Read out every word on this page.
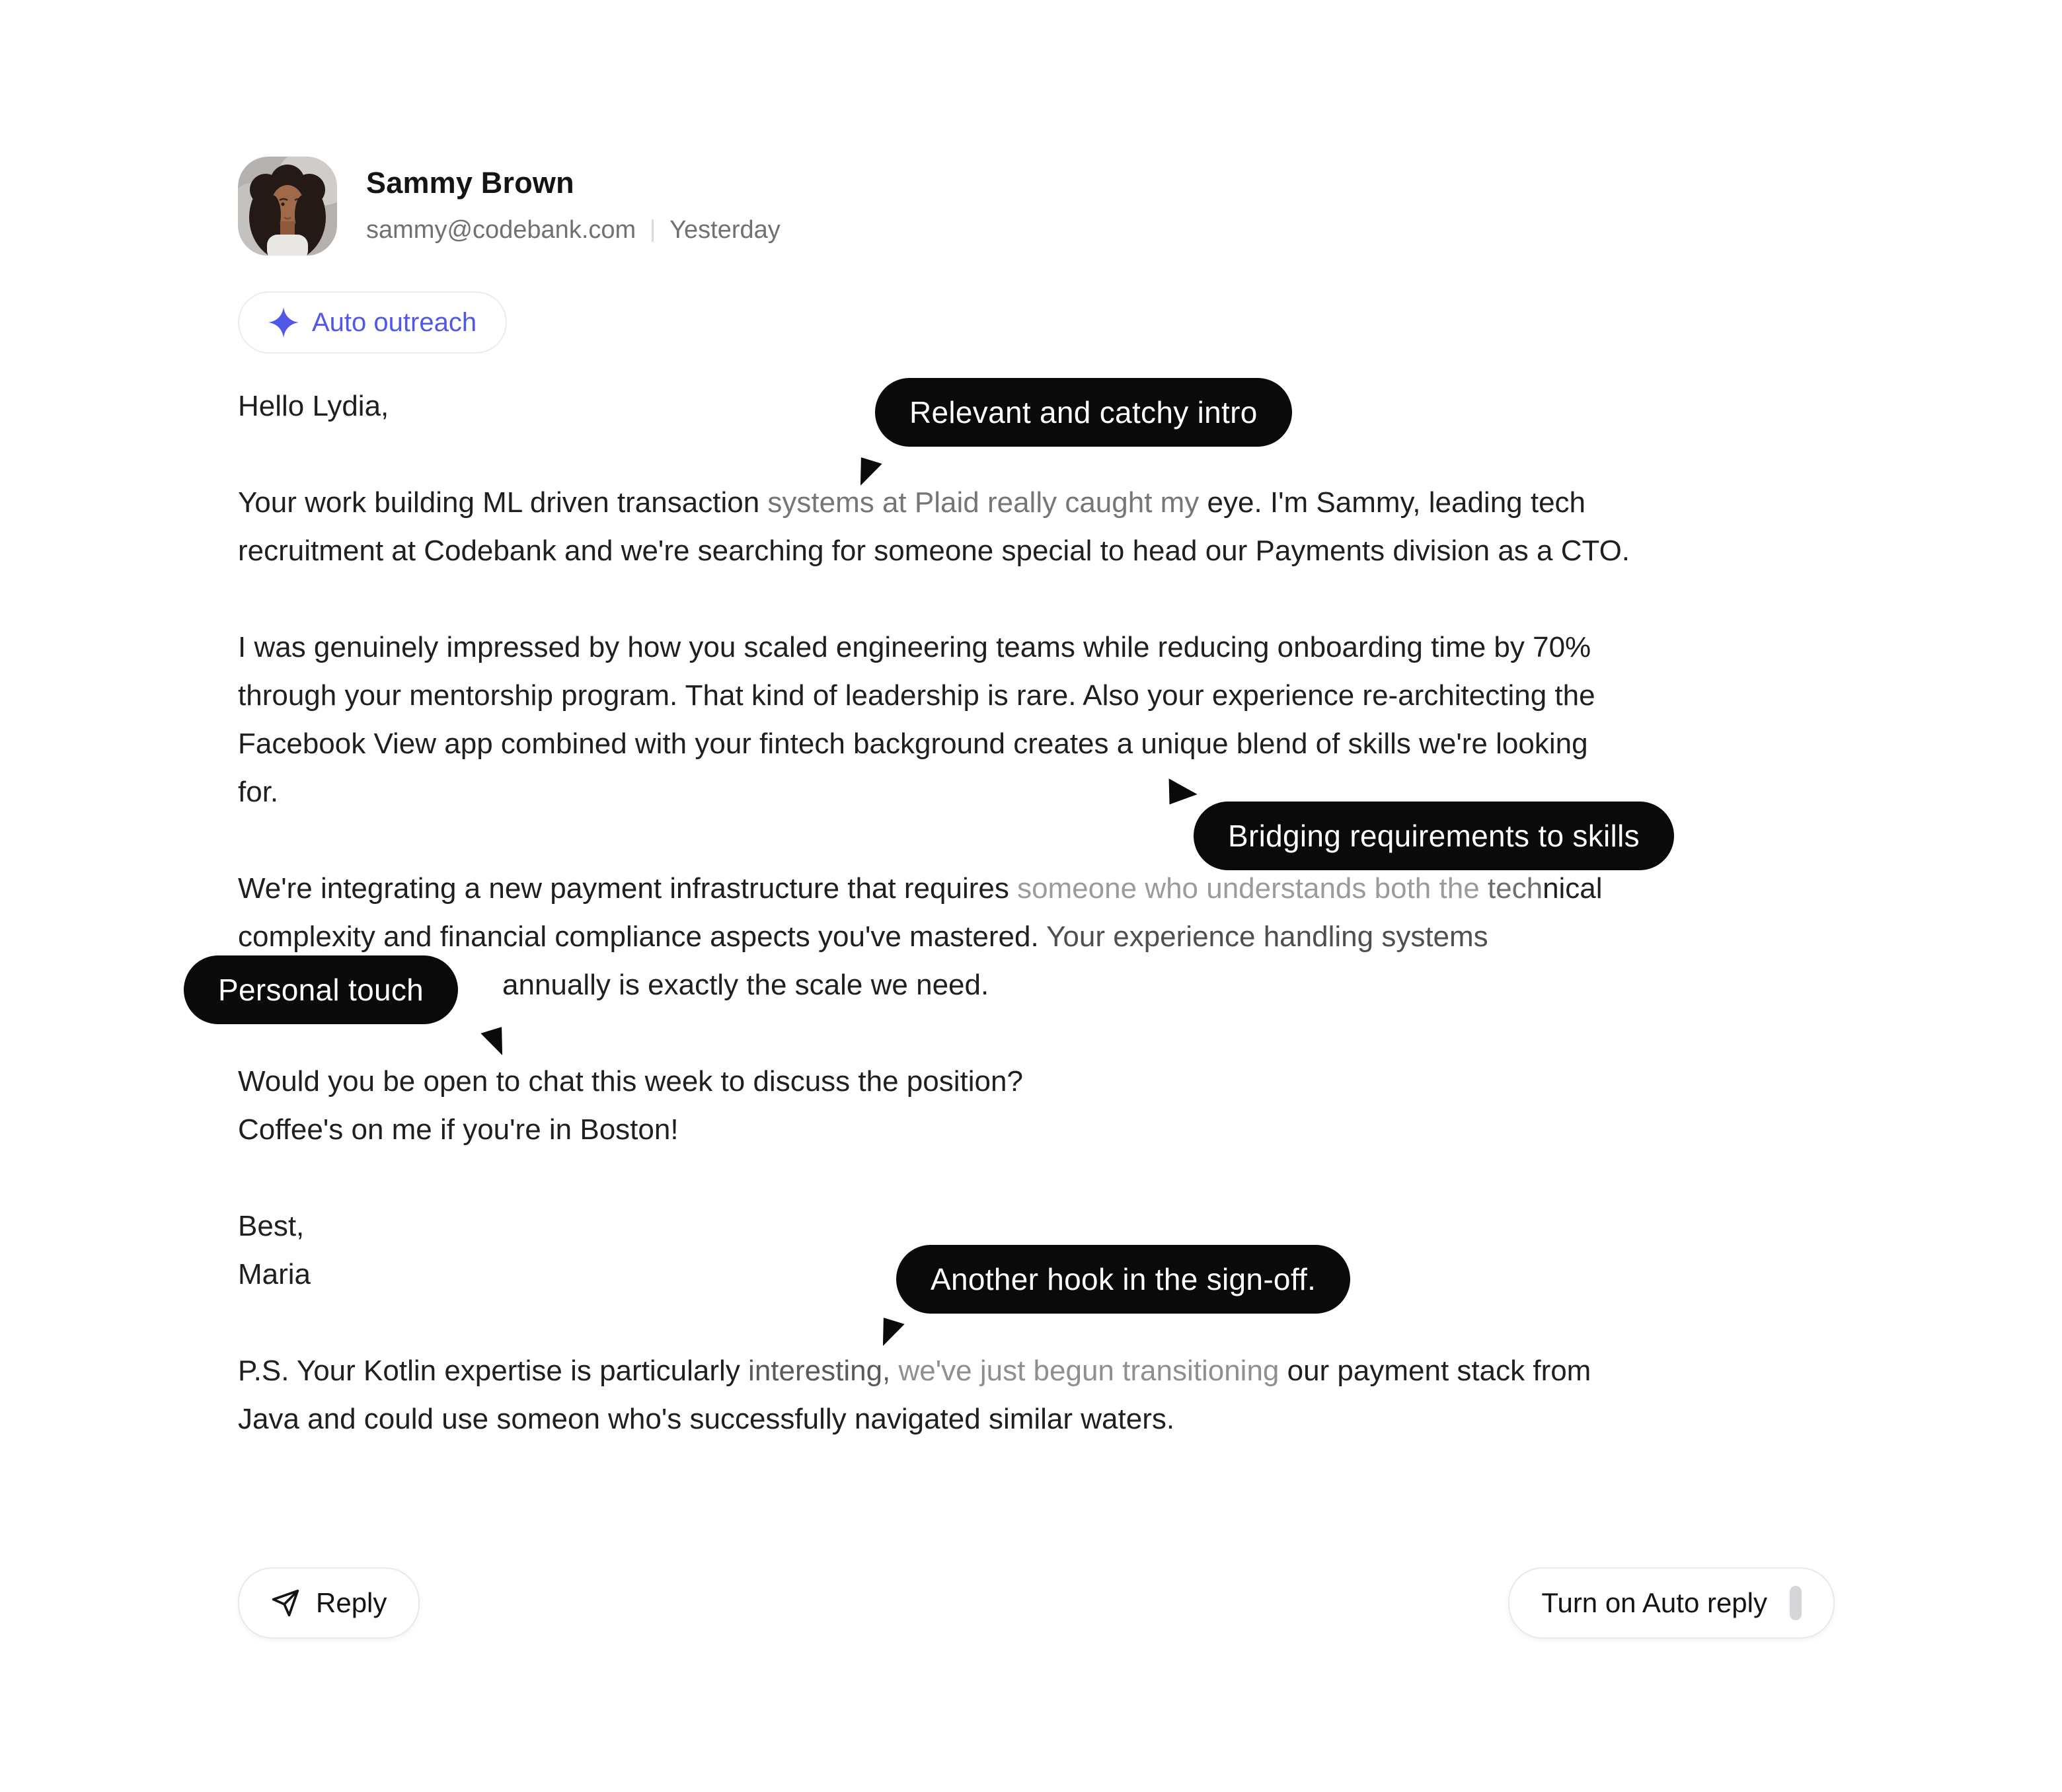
Sammy Brown
sammy@codebank.com Yesterday
Auto outreach
Hello Lydia,
Your work building ML driven transaction systems at Plaid really caught my eye. I'm Sammy, leading tech
recruitment at Codebank and we're searching for someone special to head our Payments division as a CTO.
I was genuinely impressed by how you scaled engineering teams while reducing onboarding time by 70%
through your mentorship program. That kind of leadership is rare. Also your experience re-architecting the
Facebook View app combined with your fintech background creates a unique blend of skills we're looking
for.
We're integrating a new payment infrastructure that requires someone who understands both the technical
complexity and financial compliance aspects you've mastered. Your experience handling systems
annually is exactly the scale we need.
Would you be open to chat this week to discuss the position?
Coffee's on me if you're in Boston!
Best,
Maria
P.S. Your Kotlin expertise is particularly interesting, we've just begun transitioning our payment stack from
Java and could use someon who's successfully navigated similar waters.
Relevant and catchy intro
Bridging requirements to skills
Personal touch
Another hook in the sign-off.
Reply	Turn on Auto reply
